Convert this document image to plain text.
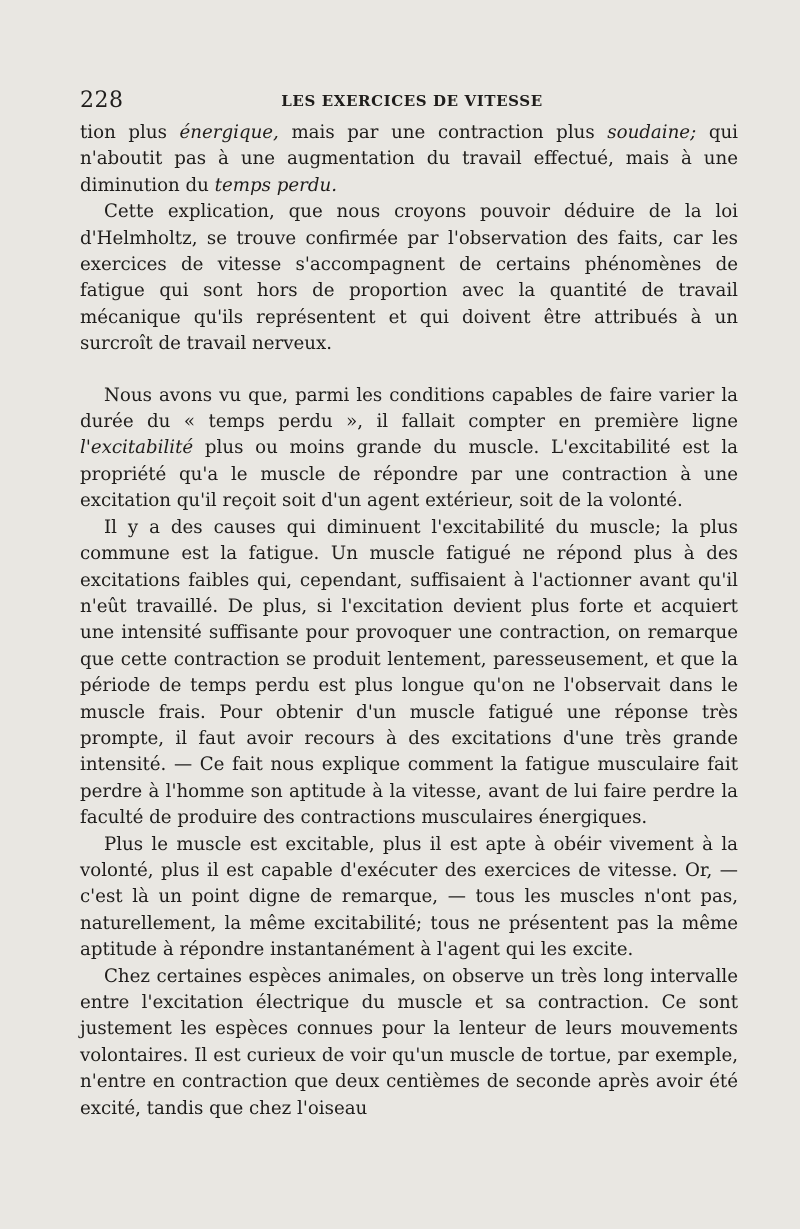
228	LES EXERCICES DE VITESSE

tion plus énergique, mais par une contraction plus soudaine; qui n'aboutit pas à une augmentation du travail effectué, mais à une diminution du temps perdu.

Cette explication, que nous croyons pouvoir déduire de la loi d'Helmholtz, se trouve confirmée par l'observation des faits, car les exercices de vitesse s'accompagnent de certains phénomènes de fatigue qui sont hors de proportion avec la quantité de travail mécanique qu'ils représentent et qui doivent être attribués à un surcroît de travail nerveux.

Nous avons vu que, parmi les conditions capables de faire varier la durée du « temps perdu », il fallait compter en première ligne l'excitabilité plus ou moins grande du muscle. L'excitabilité est la propriété qu'a le muscle de répondre par une contraction à une excitation qu'il reçoit soit d'un agent extérieur, soit de la volonté.

Il y a des causes qui diminuent l'excitabilité du muscle; la plus commune est la fatigue. Un muscle fatigué ne répond plus à des excitations faibles qui, cependant, suffisaient à l'actionner avant qu'il n'eût travaillé. De plus, si l'excitation devient plus forte et acquiert une intensité suffisante pour provoquer une contraction, on remarque que cette contraction se produit lentement, paresseusement, et que la période de temps perdu est plus longue qu'on ne l'observait dans le muscle frais. Pour obtenir d'un muscle fatigué une réponse très prompte, il faut avoir recours à des excitations d'une très grande intensité. — Ce fait nous explique comment la fatigue musculaire fait perdre à l'homme son aptitude à la vitesse, avant de lui faire perdre la faculté de produire des contractions musculaires énergiques.

Plus le muscle est excitable, plus il est apte à obéir vivement à la volonté, plus il est capable d'exécuter des exercices de vitesse. Or, — c'est là un point digne de remarque, — tous les muscles n'ont pas, naturellement, la même excitabilité; tous ne présentent pas la même aptitude à répondre instantanément à l'agent qui les excite.

Chez certaines espèces animales, on observe un très long intervalle entre l'excitation électrique du muscle et sa contraction. Ce sont justement les espèces connues pour la lenteur de leurs mouvements volontaires. Il est curieux de voir qu'un muscle de tortue, par exemple, n'entre en contraction que deux centièmes de seconde après avoir été excité, tandis que chez l'oiseau
